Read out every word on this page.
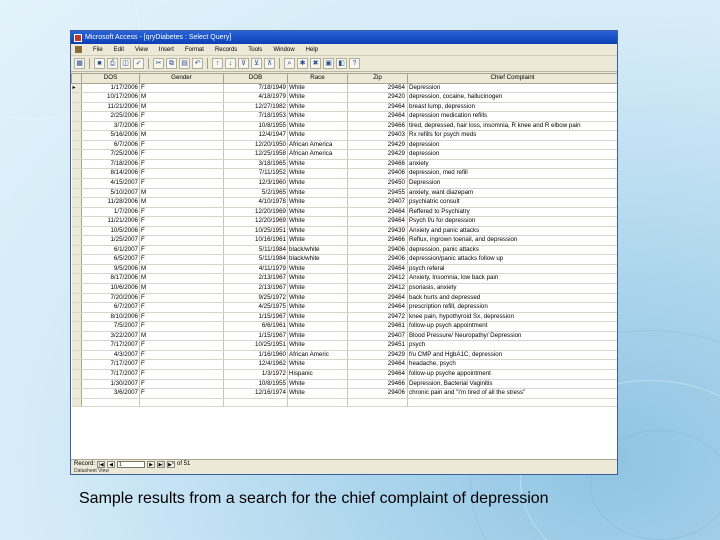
Microsoft Access - [qryDiabetes : Select Query]
File Edit View Insert Format Records Tools Window Help
▦	■	⎙ ◫ ✓	✂	⧉	▤ ↶	↑	↓	⊽	⊻	⊼	⌕	✱	✖ ▣ ◧	?
	DOS	Gender	DOB	Race	Zip	Chief Complaint
▸	1/17/2006	F	7/18/1949	White	29464	Depression
	10/17/2006	M	4/18/1979	White	29420	depression, cocaine, hallucinogen
	11/21/2006	M	12/27/1982	White	29464	breast lump, depression
	2/25/2006	F	7/18/1953	White	29464	depression medication refills
	3/7/2006	F	10/8/1955	White	29466	tired, depressed, hair loss, insomnia, R knee and R elbow pain
	5/16/2006	M	12/4/1947	White	29403	Rx refills for psych meds
	6/7/2006	F	12/20/1950	African America	29429	depression
	7/25/2006	F	12/25/1958	African America	29429	depression
	7/18/2006	F	3/18/1965	White	29466	anxiety
	8/14/2006	F	7/11/1952	White	29406	depression, med refill
	4/15/2007	F	12/3/1960	White	29450	Depression
	5/10/2007	M	5/2/1965	White	29455	anxiety, want diazepam
	11/28/2006	M	4/10/1978	White	29407	psychiatric consult
	1/7/2006	F	12/20/1969	White	29464	Reffered to Psychiatry
	11/21/2006	F	12/20/1969	White	29464	Psych f/u for depression
	10/5/2006	F	10/25/1951	White	29439	Anxiety and panic attacks
	1/25/2007	F	10/16/1961	White	29466	Reflux, ingrown toenail, and depression
	6/1/2007	F	5/11/1984	black/white	29406	depression, panic attacks
	6/5/2007	F	5/11/1984	black/white	29406	depression/panic attacks follow up
	9/5/2006	M	4/11/1979	White	29464	psych referal
	8/17/2006	M	2/13/1967	White	29412	Anxiety, Insomnia, low back pain
	10/6/2006	M	2/13/1967	White	29412	psoriasis, anxiety
	7/20/2006	F	9/25/1972	White	29464	back hurts and depressed
	6/7/2007	F	4/25/1975	White	29464	prescription refill, depression
	8/10/2006	F	1/15/1967	White	29472	knee pain, hypothyroid Sx, depression
	7/5/2007	F	6/6/1961	White	29461	follow-up psych appointment
	3/22/2007	M	1/15/1967	White	29407	Blood Pressure/ Neuropathy/ Depression
	7/17/2007	F	10/25/1951	White	29451	psych
	4/3/2007	F	1/16/1960	African Americ	29429	f/u CMP and HgbA1C, depression
	7/17/2007	F	12/4/1962	White	29464	headache, psych
	7/17/2007	F	1/3/1972	Hispanic	29464	follow-up psyche appointment
	1/30/2007	F	10/8/1955	White	29466	Depression, Bacterial Vaginitis
	3/6/2007	F	12/16/1974	White	29406	chronic pain and "i'm tired of all the stress"

Record: |◀	◀	1	▶	▶| ▶* of 51
Datasheet View
Sample results from a search for the chief complaint of depression
